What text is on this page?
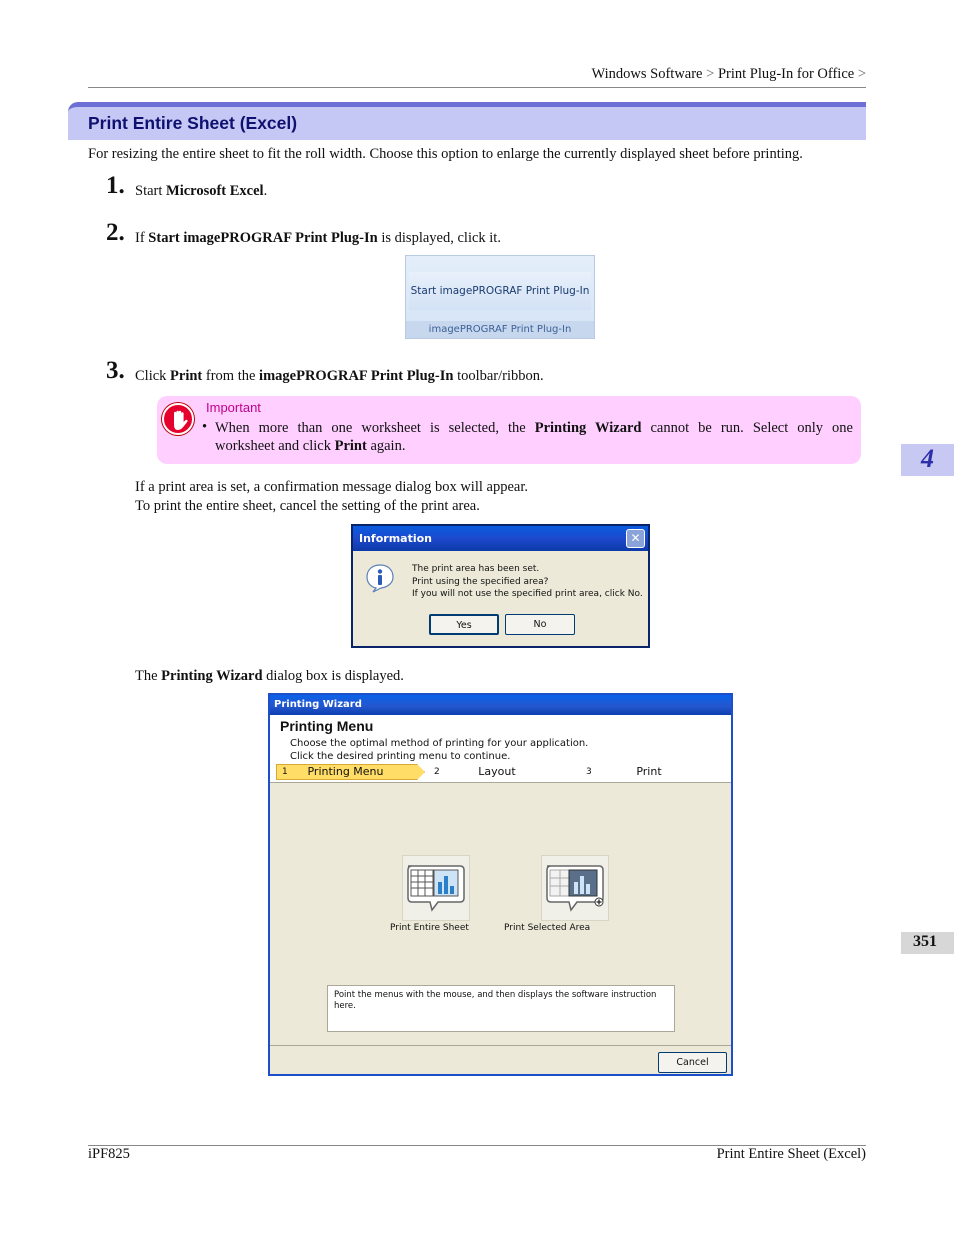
Windows Software > Print Plug-In for Office >
Print Entire Sheet (Excel)
For resizing the entire sheet to fit the roll width. Choose this option to enlarge the currently displayed sheet before printing.
1. Start Microsoft Excel.
2. If Start imagePROGRAF Print Plug-In is displayed, click it.
Start imagePROGRAF Print Plug-In
imagePROGRAF Print Plug-In
3. Click Print from the imagePROGRAF Print Plug-In toolbar/ribbon.
Important
• When more than one worksheet is selected, the Printing Wizard cannot be run. Select only one
worksheet and click Print again.
If a print area is set, a confirmation message dialog box will appear.
To print the entire sheet, cancel the setting of the print area.
Information	✕
The print area has been set.
Print using the specified area?
If you will not use the specified print area, click No.
Yes	No
The Printing Wizard dialog box is displayed.
Printing Wizard
Printing Menu
Choose the optimal method of printing for your application.
Click the desired printing menu to continue.
1	Printing Menu	2	Layout	3	Print
Print Entire Sheet	Print Selected Area
Point the menus with the mouse, and then displays the software instruction here.
Cancel
4
351
iPF825	Print Entire Sheet (Excel)
